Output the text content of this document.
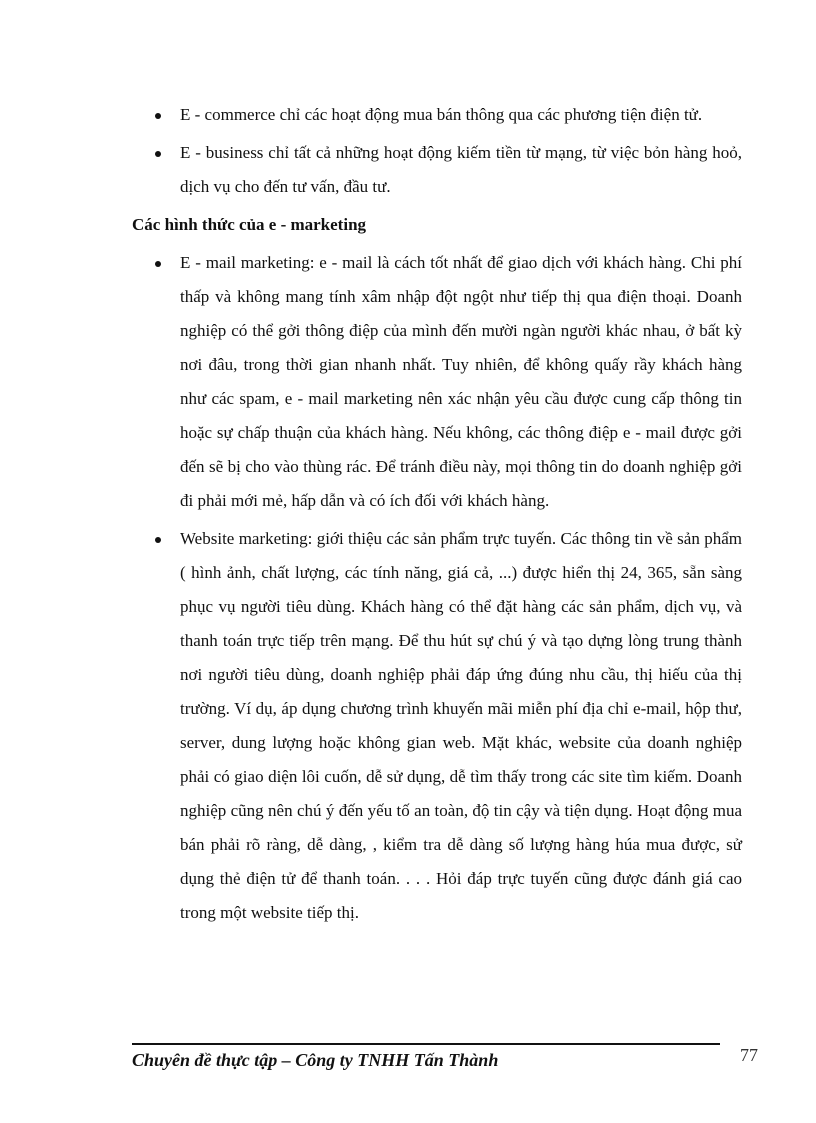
E - commerce chỉ các hoạt động mua bán thông qua các phương tiện điện tử.
E - business chỉ tất cả những hoạt động kiếm tiền từ mạng, từ việc bỏn hàng hoỏ, dịch vụ cho đến tư vấn, đầu tư.
Các hình thức của e - marketing
E - mail marketing: e - mail là cách tốt nhất để giao dịch với khách hàng. Chi phí thấp và không mang tính xâm nhập đột ngột như tiếp thị qua điện thoại. Doanh nghiệp có thể gởi thông điệp của mình đến mười ngàn người khác nhau, ở bất kỳ nơi đâu, trong thời gian nhanh nhất. Tuy nhiên, để không quấy rầy khách hàng như các spam, e - mail marketing nên xác nhận yêu cầu được cung cấp thông tin hoặc sự chấp thuận của khách hàng. Nếu không, các thông điệp e - mail được gởi đến sẽ bị cho vào thùng rác. Để tránh điều này, mọi thông tin do doanh nghiệp gởi đi phải mới mẻ, hấp dẫn và có ích đối với khách hàng.
Website marketing: giới thiệu các sản phẩm trực tuyến. Các thông tin về sản phẩm ( hình ảnh, chất lượng, các tính năng, giá cả, ...) được hiển thị 24, 365, sẵn sàng phục vụ người tiêu dùng. Khách hàng có thể đặt hàng các sản phẩm, dịch vụ, và thanh toán trực tiếp trên mạng. Để thu hút sự chú ý và tạo dựng lòng trung thành nơi người tiêu dùng, doanh nghiệp phải đáp ứng đúng nhu cầu, thị hiếu của thị trường. Ví dụ, áp dụng chương trình khuyến mãi miễn phí địa chỉ e-mail, hộp thư, server, dung lượng hoặc không gian web. Mặt khác, website của doanh nghiệp phải có giao diện lôi cuốn, dễ sử dụng, dễ tìm thấy trong các site tìm kiếm. Doanh nghiệp cũng nên chú ý đến yếu tố an toàn, độ tin cậy và tiện dụng. Hoạt động mua bán phải rõ ràng, dễ dàng, , kiểm tra dễ dàng số lượng hàng húa mua được, sử dụng thẻ điện tử để thanh toán. . . . Hỏi đáp trực tuyến cũng được đánh giá cao trong một website tiếp thị.
Chuyên đề thực tập – Công ty TNHH Tấn Thành	77
